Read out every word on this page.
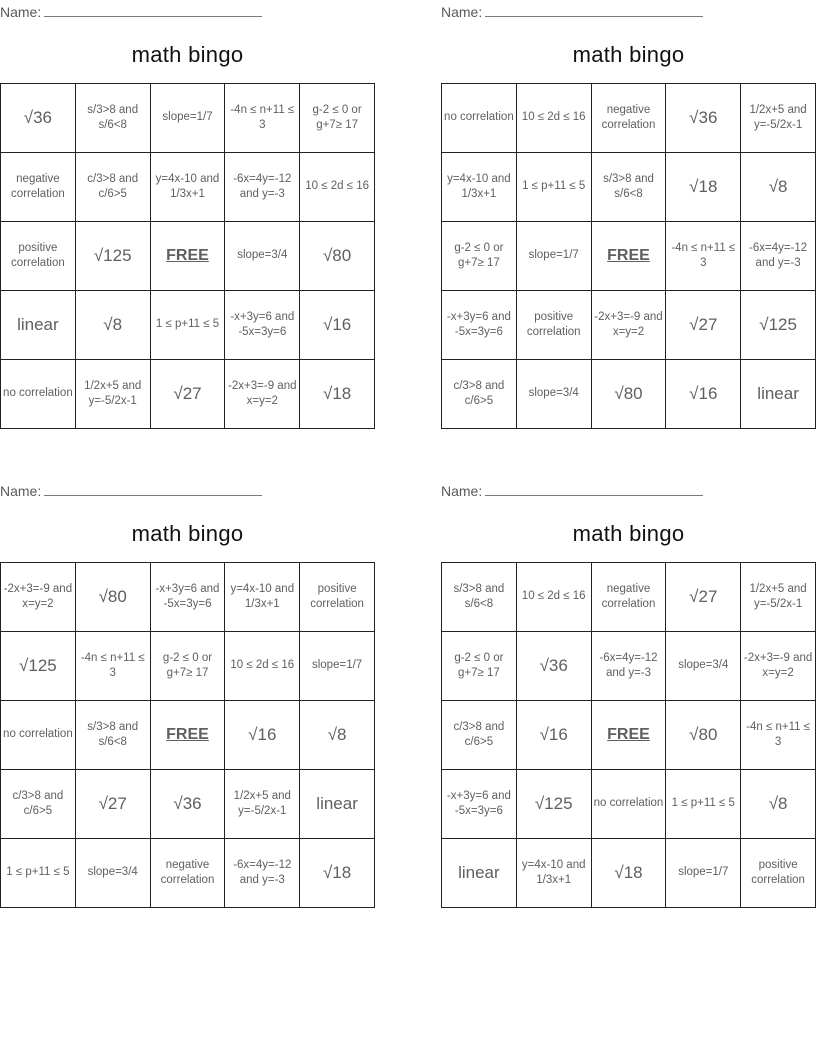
Name:
math bingo
√36	s/3>8 and s/6<8	slope=1/7	-4n ≤ n+11 ≤ 3	g-2 ≤ 0 or g+7≥ 17
negative correlation	c/3>8 and c/6>5	y=4x-10 and 1/3x+1	-6x=4y=-12 and y=-3	10 ≤ 2d ≤ 16
positive correlation	√125	FREE	slope=3/4	√80
linear	√8	1 ≤ p+11 ≤ 5	-x+3y=6 and -5x=3y=6	√16
no correlation	1/2x+5 and y=-5/2x-1	√27	-2x+3=-9 and x=y=2	√18
Name:
math bingo
no correlation	10 ≤ 2d ≤ 16	negative correlation	√36	1/2x+5 and y=-5/2x-1
y=4x-10 and 1/3x+1	1 ≤ p+11 ≤ 5	s/3>8 and s/6<8	√18	√8
g-2 ≤ 0 or g+7≥ 17	slope=1/7	FREE	-4n ≤ n+11 ≤ 3	-6x=4y=-12 and y=-3
-x+3y=6 and -5x=3y=6	positive correlation	-2x+3=-9 and x=y=2	√27	√125
c/3>8 and c/6>5	slope=3/4	√80	√16	linear
Name:
math bingo
-2x+3=-9 and x=y=2	√80	-x+3y=6 and -5x=3y=6	y=4x-10 and 1/3x+1	positive correlation
√125	-4n ≤ n+11 ≤ 3	g-2 ≤ 0 or g+7≥ 17	10 ≤ 2d ≤ 16	slope=1/7
no correlation	s/3>8 and s/6<8	FREE	√16	√8
c/3>8 and c/6>5	√27	√36	1/2x+5 and y=-5/2x-1	linear
1 ≤ p+11 ≤ 5	slope=3/4	negative correlation	-6x=4y=-12 and y=-3	√18
Name:
math bingo
s/3>8 and s/6<8	10 ≤ 2d ≤ 16	negative correlation	√27	1/2x+5 and y=-5/2x-1
g-2 ≤ 0 or g+7≥ 17	√36	-6x=4y=-12 and y=-3	slope=3/4	-2x+3=-9 and x=y=2
c/3>8 and c/6>5	√16	FREE	√80	-4n ≤ n+11 ≤ 3
-x+3y=6 and -5x=3y=6	√125	no correlation	1 ≤ p+11 ≤ 5	√8
linear	y=4x-10 and 1/3x+1	√18	slope=1/7	positive correlation
